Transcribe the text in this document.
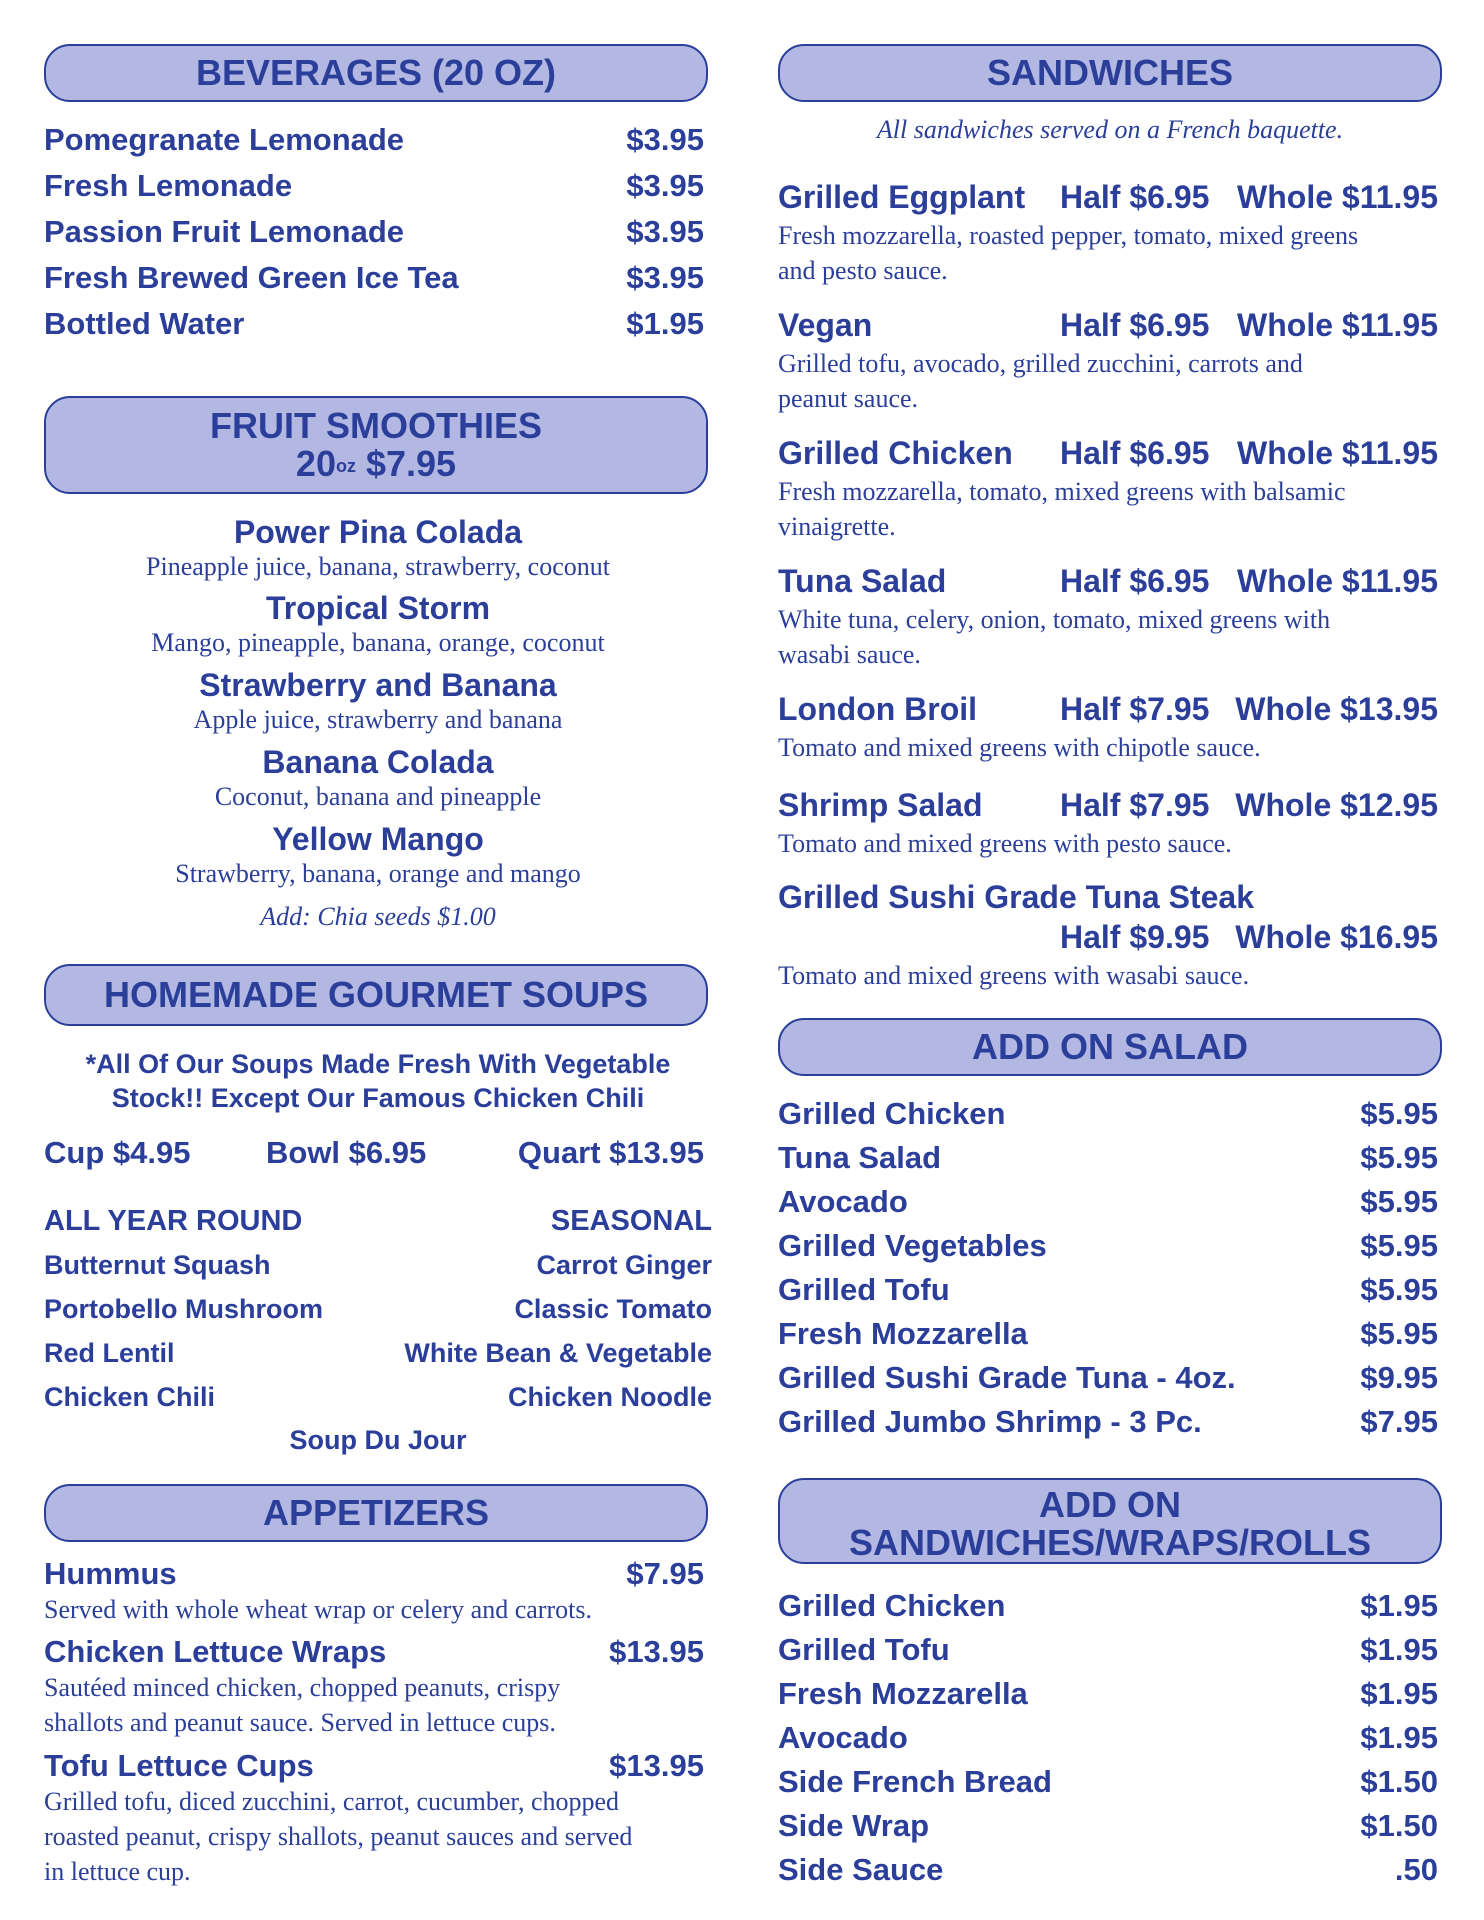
BEVERAGES (20 OZ)
Pomegranate Lemonade	$3.95
Fresh Lemonade	$3.95
Passion Fruit Lemonade	$3.95
Fresh Brewed Green Ice Tea	$3.95
Bottled Water	$1.95
FRUIT SMOOTHIES
$20^{oz}$ $7.95
Power Pina Colada
Pineapple juice, banana, strawberry, coconut
Tropical Storm
Mango, pineapple, banana, orange, coconut
Strawberry and Banana
Apple juice, strawberry and banana
Banana Colada
Coconut, banana and pineapple
Yellow Mango
Strawberry, banana, orange and mango
Add: Chia seeds $1.00
HOMEMADE GOURMET SOUPS
*All Of Our Soups Made Fresh With Vegetable
Stock!! Except Our Famous Chicken Chili
Cup $4.95 Bowl $6.95	Quart $13.95
ALL YEAR ROUND	SEASONAL
Butternut Squash	Carrot Ginger
Portobello Mushroom	Classic Tomato
Red Lentil	White Bean & Vegetable
Chicken Chili	Chicken Noodle
Soup Du Jour
APPETIZERS
Hummus	$7.95
Served with whole wheat wrap or celery and carrots.
Chicken Lettuce Wraps	$13.95
Sautéed minced chicken, chopped peanuts, crispy
shallots and peanut sauce. Served in lettuce cups.
Tofu Lettuce Cups	$13.95
Grilled tofu, diced zucchini, carrot, cucumber, chopped
roasted peanut, crispy shallots, peanut sauces and served
in lettuce cup.
SANDWICHES
All sandwiches served on a French baquette.
Grilled Eggplant Half $6.95 Whole $11.95
Fresh mozzarella, roasted pepper, tomato, mixed greens
and pesto sauce.
Vegan	Half $6.95 Whole $11.95
Grilled tofu, avocado, grilled zucchini, carrots and
peanut sauce.
Grilled Chicken Half $6.95 Whole $11.95
Fresh mozzarella, tomato, mixed greens with balsamic
vinaigrette.
Tuna Salad	Half $6.95 Whole $11.95
White tuna, celery, onion, tomato, mixed greens with
wasabi sauce.
London Broil	Half $7.95 Whole $13.95
Tomato and mixed greens with chipotle sauce.
Shrimp Salad Half $7.95 Whole $12.95
Tomato and mixed greens with pesto sauce.
Grilled Sushi Grade Tuna Steak
Half $9.95 Whole $16.95
Tomato and mixed greens with wasabi sauce.
ADD ON SALAD
Grilled Chicken	$5.95
Tuna Salad	$5.95
Avocado	$5.95
Grilled Vegetables	$5.95
Grilled Tofu	$5.95
Fresh Mozzarella	$5.95
Grilled Sushi Grade Tuna - 4oz.	$9.95
Grilled Jumbo Shrimp - 3 Pc.	$7.95
ADD ON
SANDWICHES/WRAPS/ROLLS
Grilled Chicken	$1.95
Grilled Tofu	$1.95
Fresh Mozzarella	$1.95
Avocado	$1.95
Side French Bread	$1.50
Side Wrap	$1.50
Side Sauce	.50
